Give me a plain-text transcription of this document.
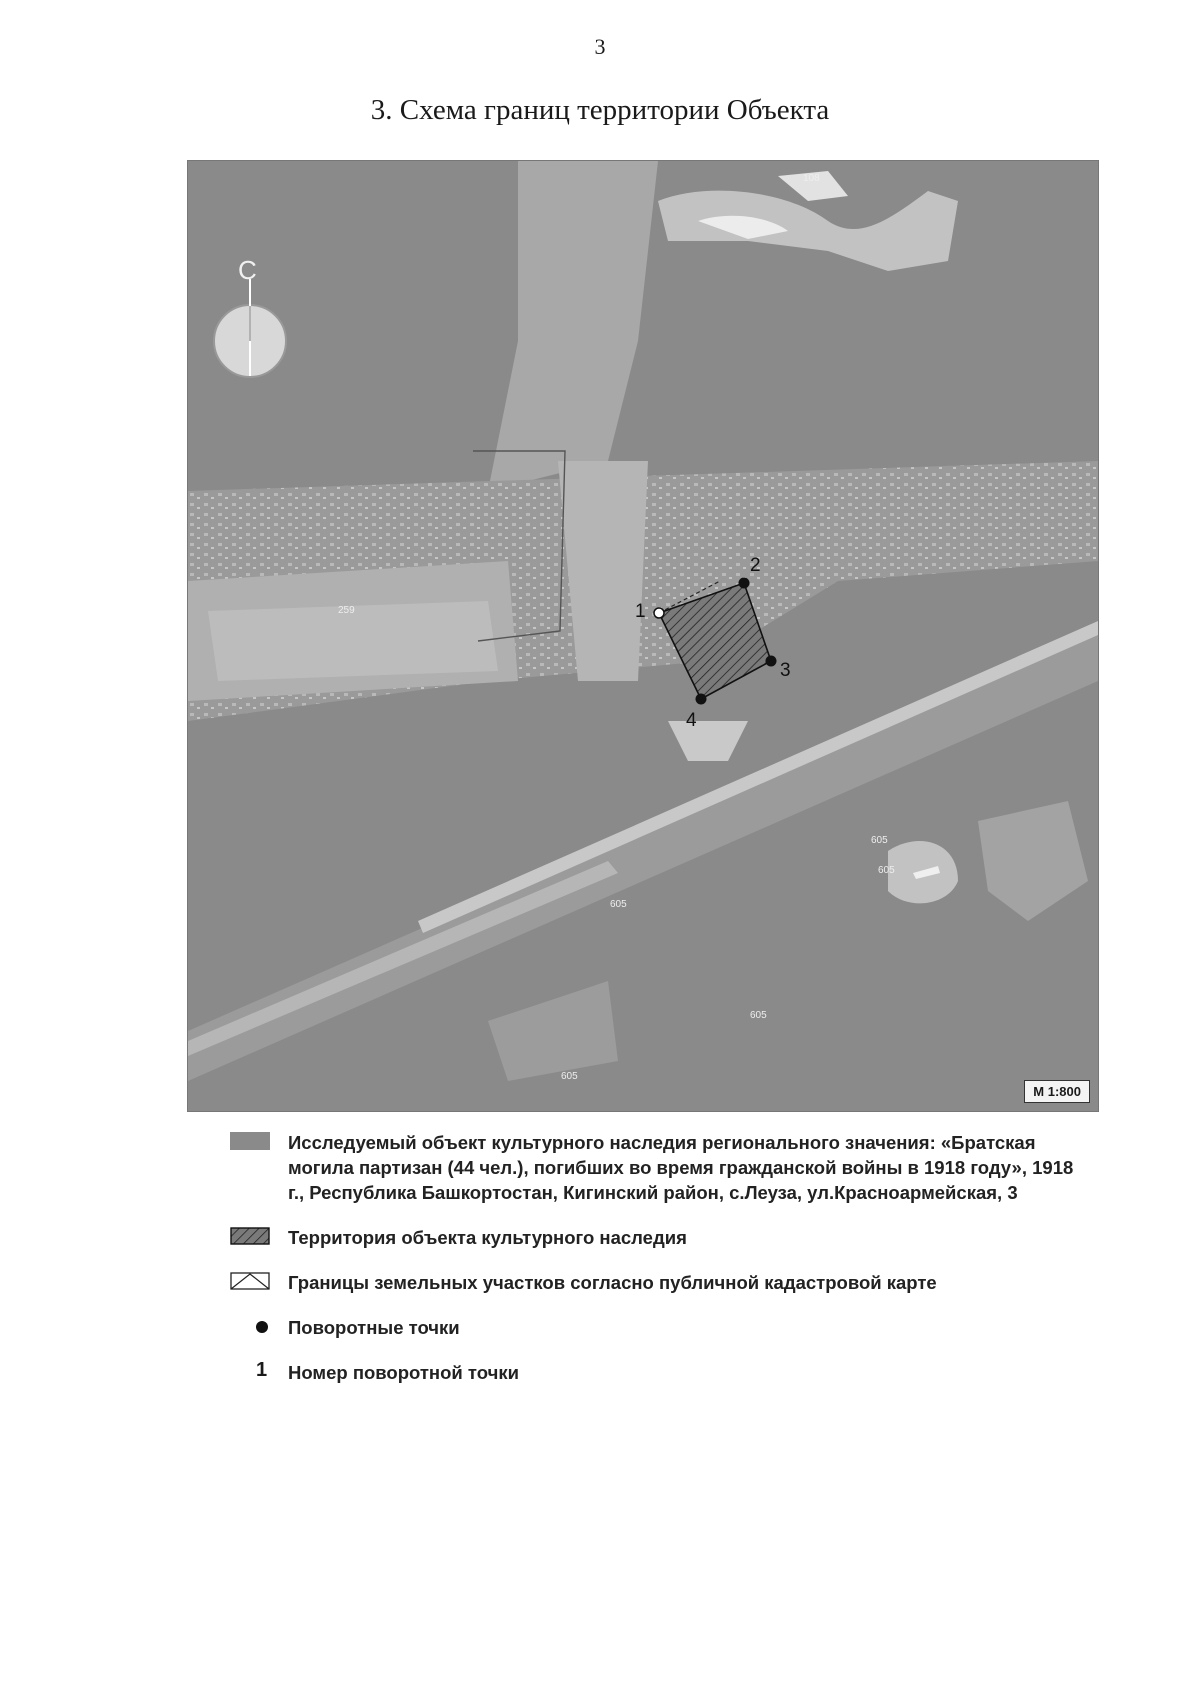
3
3. Схема границ территории Объекта
С
1
2
3
4
108
259
605
605
605
605
605
М 1:800
Исследуемый объект культурного наследия регионального значения: «Братская могила партизан (44 чел.), погибших во время гражданской войны в 1918 году», 1918 г., Республика Башкортостан, Кигинский район, с.Леуза, ул.Красноармейская, 3
Территория объекта культурного наследия
Границы земельных участков согласно публичной кадастровой карте
Поворотные точки
1	Номер поворотной точки
